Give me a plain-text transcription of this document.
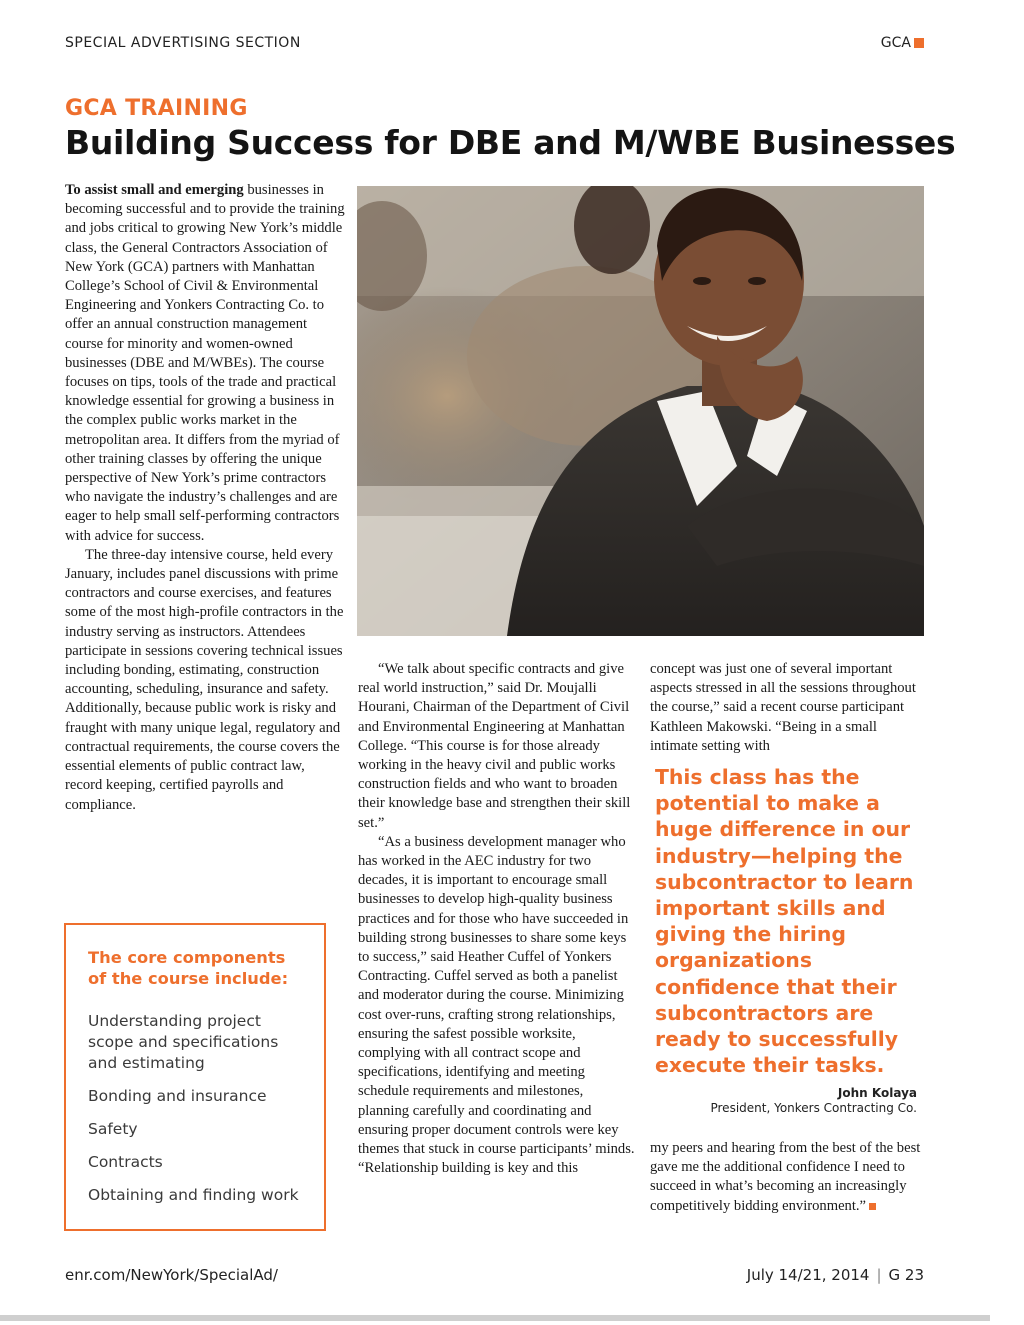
SPECIAL ADVERTISING SECTION	GCA
GCA TRAINING
Building Success for DBE and M/WBE Businesses

To assist small and emerging businesses in becoming successful and to provide the training and jobs critical to growing New York’s middle class, the General Contractors Association of New York (GCA) partners with Manhattan College’s School of Civil & Environmental Engineering and Yonkers Contracting Co. to offer an annual construction management course for minority and women-owned businesses (DBE and M/WBEs). The course focuses on tips, tools of the trade and practical knowledge essential for growing a business in the complex public works market in the metropolitan area. It differs from the myriad of other training classes by offering the unique perspective of New York’s prime contractors who navigate the industry’s challenges and are eager to help small self-performing contractors with advice for success.

The three-day intensive course, held every January, includes panel discussions with prime contractors and course exercises, and features some of the most high-profile contractors in the industry serving as instructors. Attendees participate in sessions covering technical issues including bonding, estimating, construction accounting, scheduling, insurance and safety. Additionally, because public work is risky and fraught with many unique legal, regulatory and contractual requirements, the course covers the essential elements of public contract law, record keeping, certified payrolls and compliance.

“We talk about specific contracts and give real world instruction,” said Dr. Moujalli Hourani, Chairman of the Department of Civil and Environmental Engineering at Manhattan College. “This course is for those already working in the heavy civil and public works construction fields and who want to broaden their knowledge base and strengthen their skill set.”

“As a business development manager who has worked in the AEC industry for two decades, it is important to encourage small businesses to develop high-quality business practices and for those who have succeeded in building strong businesses to share some keys to success,” said Heather Cuffel of Yonkers Contracting. Cuffel served as both a panelist and moderator during the course. Minimizing cost over-runs, crafting strong relationships, ensuring the safest possible worksite, complying with all contract scope and specifications, identifying and meeting schedule requirements and milestones, planning carefully and coordinating and ensuring proper document controls were key themes that stuck in course participants’ minds. “Relationship building is key and this

concept was just one of several important aspects stressed in all the sessions throughout the course,” said a recent course participant Kathleen Makowski. “Being in a small intimate setting with

This class has the potential to make a huge difference in our industry—helping the subcontractor to learn important skills and giving the hiring organizations confidence that their subcontractors are ready to successfully execute their tasks.
John Kolaya
President, Yonkers Contracting Co.

my peers and hearing from the best of the best gave me the additional confidence I need to succeed in what’s becoming an increasingly competitively bidding environment.”

The core components of the course include:
Understanding project scope and specifications and estimating
Bonding and insurance
Safety
Contracts
Obtaining and finding work
enr.com/NewYork/SpecialAd/	July 14/21, 2014 | G 23
